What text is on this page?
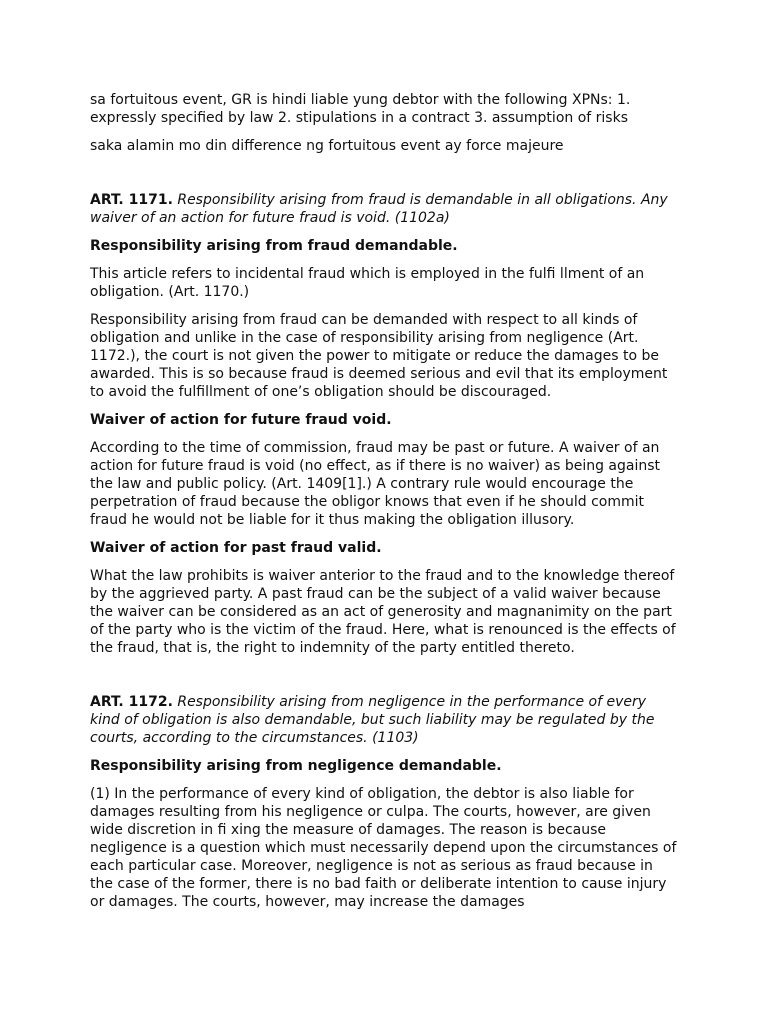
sa fortuitous event, GR is hindi liable yung debtor with the following XPNs: 1. expressly specified by law 2. stipulations in a contract 3. assumption of risks

saka alamin mo din difference ng fortuitous event ay force majeure

ART. 1171. Responsibility arising from fraud is demandable in all obligations. Any waiver of an action for future fraud is void. (1102a)

Responsibility arising from fraud demandable.

This article refers to incidental fraud which is employed in the fulfi llment of an obligation. (Art. 1170.)

Responsibility arising from fraud can be demanded with respect to all kinds of obligation and unlike in the case of responsibility arising from negligence (Art. 1172.), the court is not given the power to mitigate or reduce the damages to be awarded. This is so because fraud is deemed serious and evil that its employment to avoid the fulfillment of one’s obligation should be discouraged.

Waiver of action for future fraud void.

According to the time of commission, fraud may be past or future. A waiver of an action for future fraud is void (no effect, as if there is no waiver) as being against the law and public policy. (Art. 1409[1].) A contrary rule would encourage the perpetration of fraud because the obligor knows that even if he should commit fraud he would not be liable for it thus making the obligation illusory.

Waiver of action for past fraud valid.

What the law prohibits is waiver anterior to the fraud and to the knowledge thereof by the aggrieved party. A past fraud can be the subject of a valid waiver because the waiver can be considered as an act of generosity and magnanimity on the part of the party who is the victim of the fraud. Here, what is renounced is the effects of the fraud, that is, the right to indemnity of the party entitled thereto.

ART. 1172. Responsibility arising from negligence in the performance of every kind of obligation is also demandable, but such liability may be regulated by the courts, according to the circumstances. (1103)

Responsibility arising from negligence demandable.

(1) In the performance of every kind of obligation, the debtor is also liable for damages resulting from his negligence or culpa. The courts, however, are given wide discretion in fi xing the measure of damages. The reason is because negligence is a question which must necessarily depend upon the circumstances of each particular case. Moreover, negligence is not as serious as fraud because in the case of the former, there is no bad faith or deliberate intention to cause injury or damages. The courts, however, may increase the damages
